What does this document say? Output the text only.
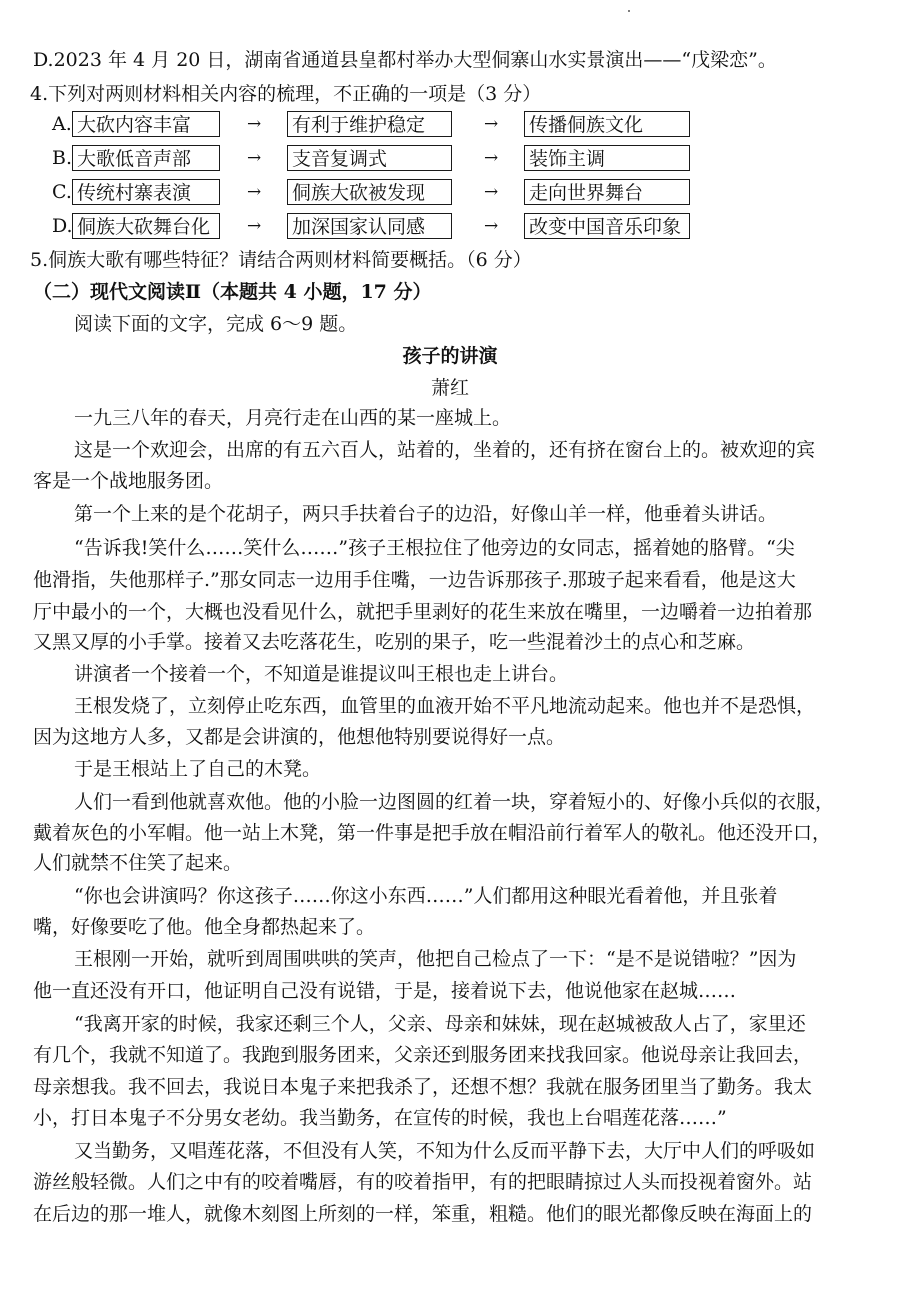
D.2023 年 4 月 20 日，湖南省通道县皇都村举办大型侗寨山水实景演出——“戊梁恋”。
4.下列对两则材料相关内容的梳理，不正确的一项是（3 分）
A. 大砍内容丰富	→ 有利于维护稳定	→ 传播侗族文化
B. 大歌低音声部	→ 支音复调式	→ 装饰主调
C. 传统村寨表演	→ 侗族大砍被发现	→ 走向世界舞台
D. 侗族大砍舞台化	→ 加深国家认同感	→ 改变中国音乐印象
5.侗族大歌有哪些特征？请结合两则材料简要概括。（6 分）
（二）现代文阅读Ⅱ（本题共 4 小题，17 分）
阅读下面的文字，完成 6～9 题。
孩子的讲演
萧红
一九三八年的春天，月亮行走在山西的某一座城上。
这是一个欢迎会，出席的有五六百人，站着的，坐着的，还有挤在窗台上的。被欢迎的宾
客是一个战地服务团。
第一个上来的是个花胡子，两只手扶着台子的边沿，好像山羊一样，他垂着头讲话。
“告诉我!笑什么……笑什么……”孩子王根拉住了他旁边的女同志，摇着她的胳臂。“尖
他滑指，失他那样子.”那女同志一边用手住嘴，一边告诉那孩子.那玻子起来看看，他是这大
厅中最小的一个，大概也没看见什么，就把手里剥好的花生来放在嘴里，一边嚼着一边拍着那
又黑又厚的小手掌。接着又去吃落花生，吃别的果子，吃一些混着沙土的点心和芝麻。
讲演者一个接着一个，不知道是谁提议叫王根也走上讲台。
王根发烧了，立刻停止吃东西，血管里的血液开始不平凡地流动起来。他也并不是恐惧，
因为这地方人多，又都是会讲演的，他想他特别要说得好一点。
于是王根站上了自己的木凳。
人们一看到他就喜欢他。他的小脸一边图圆的红着一块，穿着短小的、好像小兵似的衣服，
戴着灰色的小军帽。他一站上木凳，第一件事是把手放在帽沿前行着军人的敬礼。他还没开口，
人们就禁不住笑了起来。
“你也会讲演吗？你这孩子……你这小东西……”人们都用这种眼光看着他，并且张着
嘴，好像要吃了他。他全身都热起来了。
王根刚一开始，就听到周围哄哄的笑声，他把自己检点了一下：“是不是说错啦？”因为
他一直还没有开口，他证明自己没有说错，于是，接着说下去，他说他家在赵城……
“我离开家的时候，我家还剩三个人，父亲、母亲和妹妹，现在赵城被敌人占了，家里还
有几个，我就不知道了。我跑到服务团来，父亲还到服务团来找我回家。他说母亲让我回去，
母亲想我。我不回去，我说日本鬼子来把我杀了，还想不想？我就在服务团里当了勤务。我太
小，打日本鬼子不分男女老幼。我当勤务，在宣传的时候，我也上台唱莲花落……”
又当勤务，又唱莲花落，不但没有人笑，不知为什么反而平静下去，大厅中人们的呼吸如
游丝般轻微。人们之中有的咬着嘴唇，有的咬着指甲，有的把眼睛掠过人头而投视着窗外。站
在后边的那一堆人，就像木刻图上所刻的一样，笨重，粗糙。他们的眼光都像反映在海面上的
